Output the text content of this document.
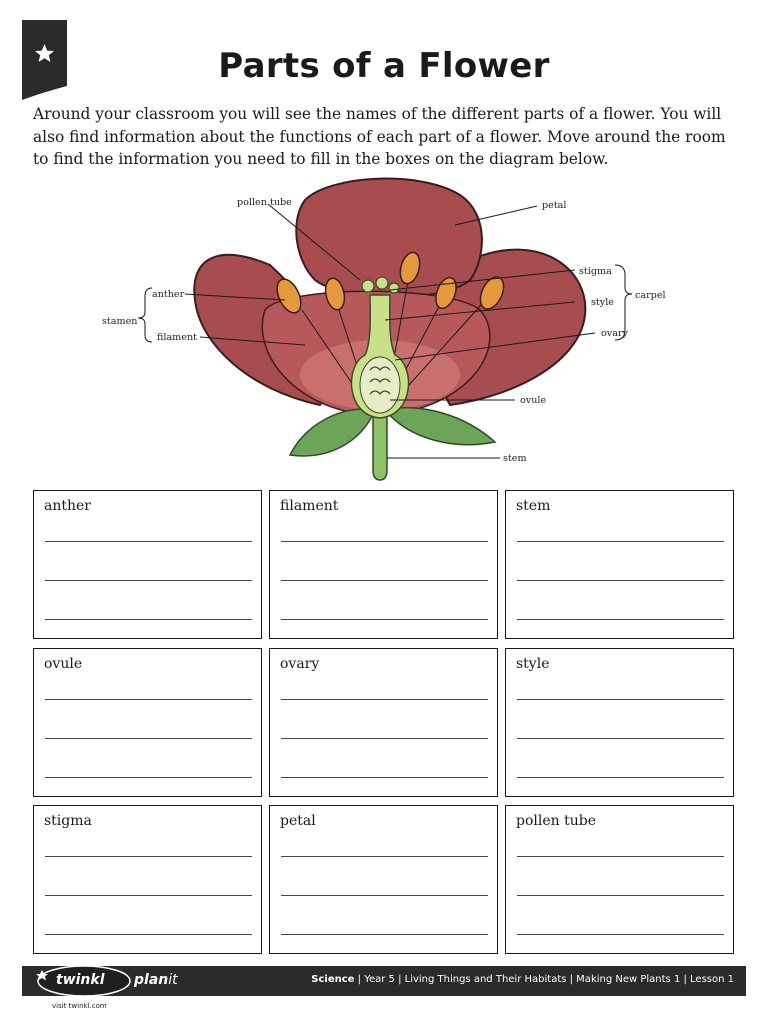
Parts of a Flower
Around your classroom you will see the names of the different parts of a flower. You will also find information about the functions of each part of a flower. Move around the room to find the information you need to fill in the boxes on the diagram below.
pollen tube	petal
stigma
style
carpel
ovary
anther
stamen
filament
ovule
stem
anther	filament	stem
ovule	ovary	style
stigma	petal	pollen tube
twinkl planit
visit twinkl.com
Science | Year 5 | Living Things and Their Habitats | Making New Plants 1 | Lesson 1
